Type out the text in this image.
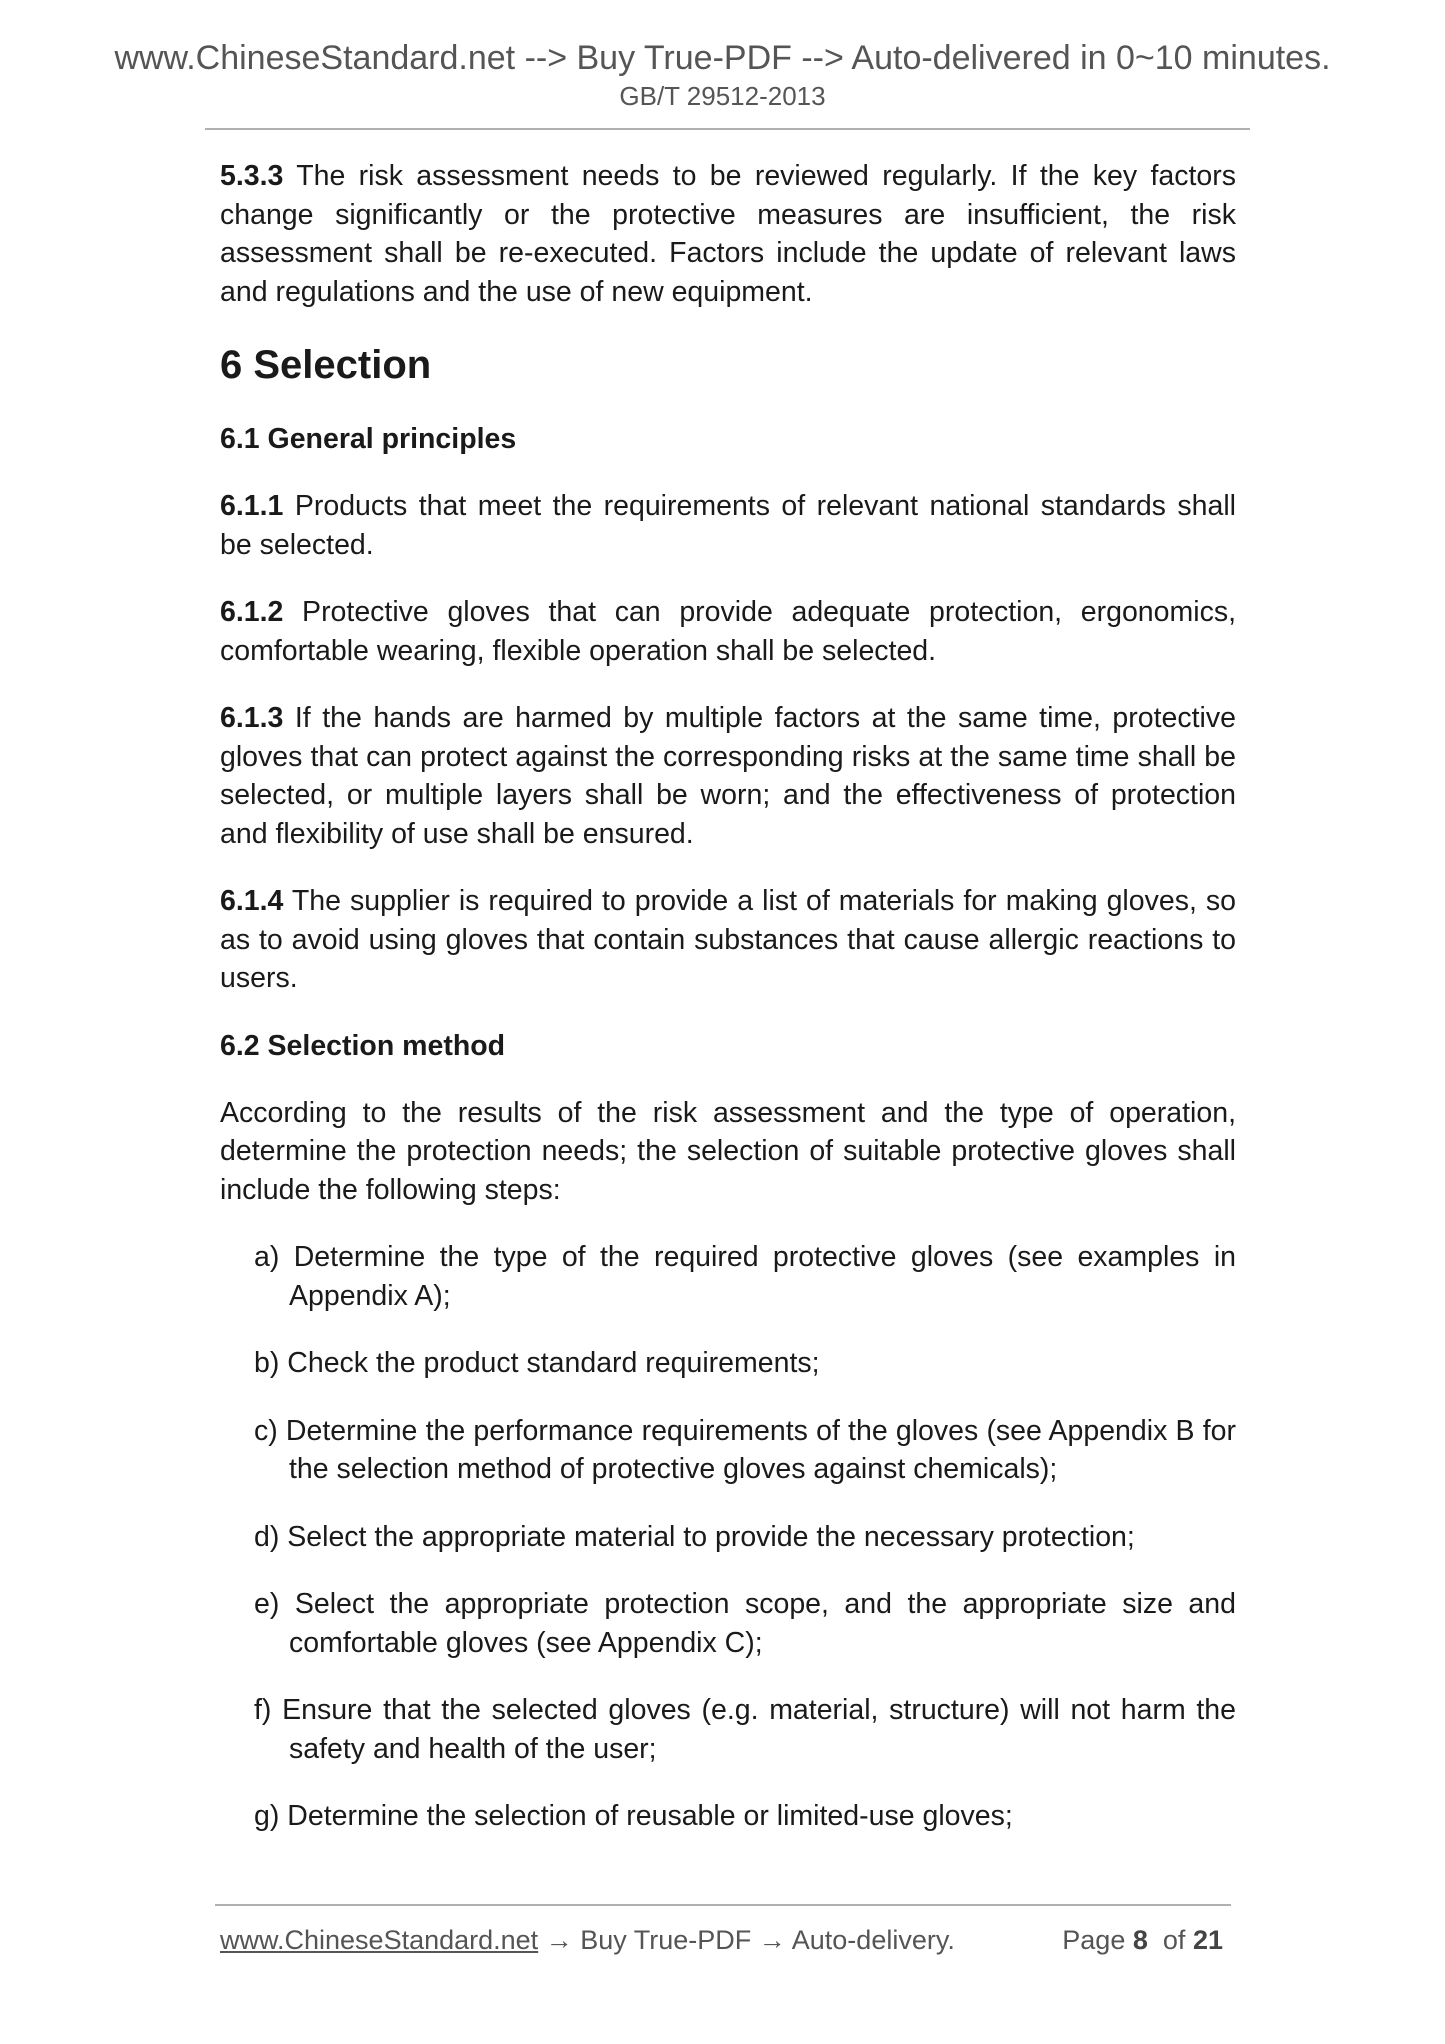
www.ChineseStandard.net --> Buy True-PDF --> Auto-delivered in 0~10 minutes.
GB/T 29512-2013

5.3.3 The risk assessment needs to be reviewed regularly. If the key factors change significantly or the protective measures are insufficient, the risk assessment shall be re-executed. Factors include the update of relevant laws and regulations and the use of new equipment.

6 Selection
6.1 General principles

6.1.1 Products that meet the requirements of relevant national standards shall be selected.

6.1.2 Protective gloves that can provide adequate protection, ergonomics, comfortable wearing, flexible operation shall be selected.

6.1.3 If the hands are harmed by multiple factors at the same time, protective gloves that can protect against the corresponding risks at the same time shall be selected, or multiple layers shall be worn; and the effectiveness of protection and flexibility of use shall be ensured.

6.1.4 The supplier is required to provide a list of materials for making gloves, so as to avoid using gloves that contain substances that cause allergic reactions to users.

6.2 Selection method

According to the results of the risk assessment and the type of operation, determine the protection needs; the selection of suitable protective gloves shall include the following steps:

a) Determine the type of the required protective gloves (see examples in Appendix A);
b) Check the product standard requirements;
c) Determine the performance requirements of the gloves (see Appendix B for the selection method of protective gloves against chemicals);
d) Select the appropriate material to provide the necessary protection;
e) Select the appropriate protection scope, and the appropriate size and comfortable gloves (see Appendix C);
f) Ensure that the selected gloves (e.g. material, structure) will not harm the safety and health of the user;
g) Determine the selection of reusable or limited-use gloves;
www.ChineseStandard.net → Buy True-PDF → Auto-delivery.	Page 8 of 21
